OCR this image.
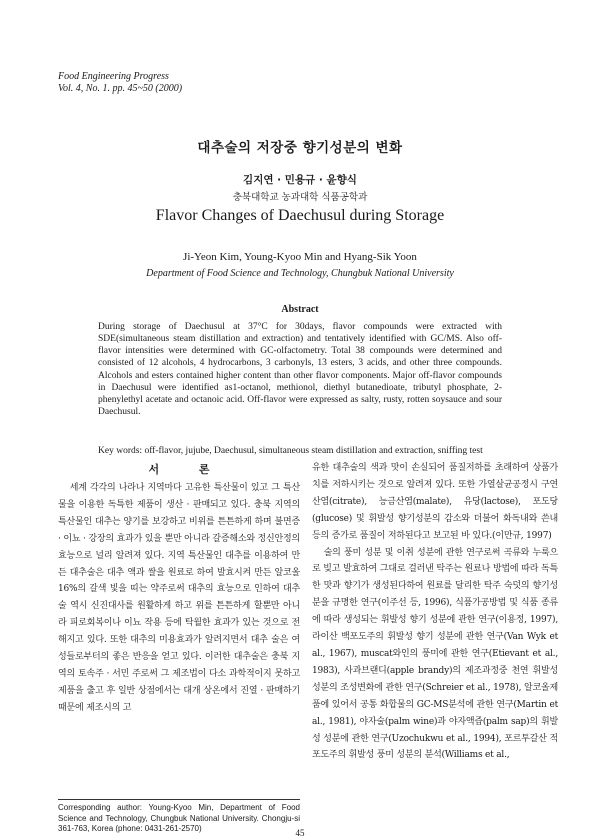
Food Engineering Progress
Vol. 4, No. 1. pp. 45~50 (2000)
대추술의 저장중 향기성분의 변화
김지연 · 민용규 · 윤향식
충북대학교 농과대학 식품공학과
Flavor Changes of Daechusul during Storage
Ji-Yeon Kim, Young-Kyoo Min and Hyang-Sik Yoon
Department of Food Science and Technology, Chungbuk National University
Abstract
During storage of Daechusul at 37°C for 30days, flavor compounds were extracted with SDE(simultaneous steam distillation and extraction) and tentatively identified with GC/MS. Also off-flavor intensities were determined with GC-olfactometry. Total 38 compounds were determined and consisted of 12 alcohols, 4 hydrocarbons, 3 carbonyls, 13 esters, 3 acids, and other three compounds. Alcohols and esters contained higher content than other flavor components. Major off-flavor compounds in Daechusul were identified as1-octanol, methionol, diethyl butanedioate, tributyl phosphate, 2-phenylethyl acetate and octanoic acid. Off-flavor were expressed as salty, rusty, rotten soysauce and sour Daechusul.
Key words: off-flavor, jujube, Daechusul, simultaneous steam distillation and extraction, sniffing test
서 론

세계 각각의 나라나 지역마다 고유한 특산물이 있고 그 특산물을 이용한 독특한 제품이 생산 · 판매되고 있다. 충북 지역의 특산물인 대추는 양기를 보강하고 비위를 튼튼하게 하며 불면증 · 이뇨 · 강장의 효과가 있을 뿐만 아니라 갈증해소와 정신안정의 효능으로 널리 알려져 있다. 지역 특산물인 대추를 이용하여 만든 대추술은 대추 액과 쌀을 원료로 하여 발효시켜 만든 알코올 16%의 갈색 빛을 띠는 약주로써 대추의 효능으로 인하여 대추술 역시 신진대사를 원활하게 하고 위를 튼튼하게 할뿐만 아니라 피로회복이나 이뇨 작용 등에 탁월한 효과가 있는 것으로 전해지고 있다. 또한 대추의 미용효과가 알려지면서 대추 술은 여성들로부터의 좋은 반응을 얻고 있다. 이러한 대추술은 충북 지역의 토속주 · 서민 주로써 그 제조법이 다소 과학적이지 못하고 제품을 출고 후 일반 상점에서는 대개 상온에서 진열 · 판매하기 때문에 제조시의 고

유한 대추술의 색과 맛이 손실되어 품질저하를 초래하여 상품가치를 저하시키는 것으로 알려져 있다. 또한 가열살균공정시 구연산염(citrate), 능금산염(malate), 유당(lactose), 포도당(glucose) 및 휘발성 향기성분의 감소와 더불어 화독내와 쓴내 등의 증가로 품질이 저하된다고 보고된 바 있다.(이만규, 1997)

술의 풍미 성분 및 이취 성분에 관한 연구로써 곡류와 누룩으로 빚고 발효하여 그대로 걸러낸 탁주는 원료나 방법에 따라 독특한 맛과 향기가 생성된다하여 원료를 달리한 탁주 숙덧의 향기성분을 규명한 연구(이주선 등, 1996), 식품가공방법 및 식품 종류에 따라 생성되는 휘발성 향기 성분에 관한 연구(이용정, 1997), 라이산 백포도주의 휘발성 향기 성분에 관한 연구(Van Wyk et al., 1967), muscat와인의 풍미에 관한 연구(Etievant et al., 1983), 사과브랜디(apple brandy)의 제조과정중 천연 휘발성 성분의 조성변화에 관한 연구(Schreier et al., 1978), 알코올제품에 있어서 공통 화합물의 GC-MS분석에 관한 연구(Martin et al., 1981), 야자술(palm wine)과 야자액즙(palm sap)의 휘발성 성분에 관한 연구(Uzochukwu et al., 1994), 포르투갈산 적포도주의 휘발성 풍미 성분의 분석(Williams et al.,

Corresponding author: Young-Kyoo Min, Department of Food Science and Technology, Chungbuk National University. Chongju-si 361-763, Korea (phone: 0431-261-2570)	45
